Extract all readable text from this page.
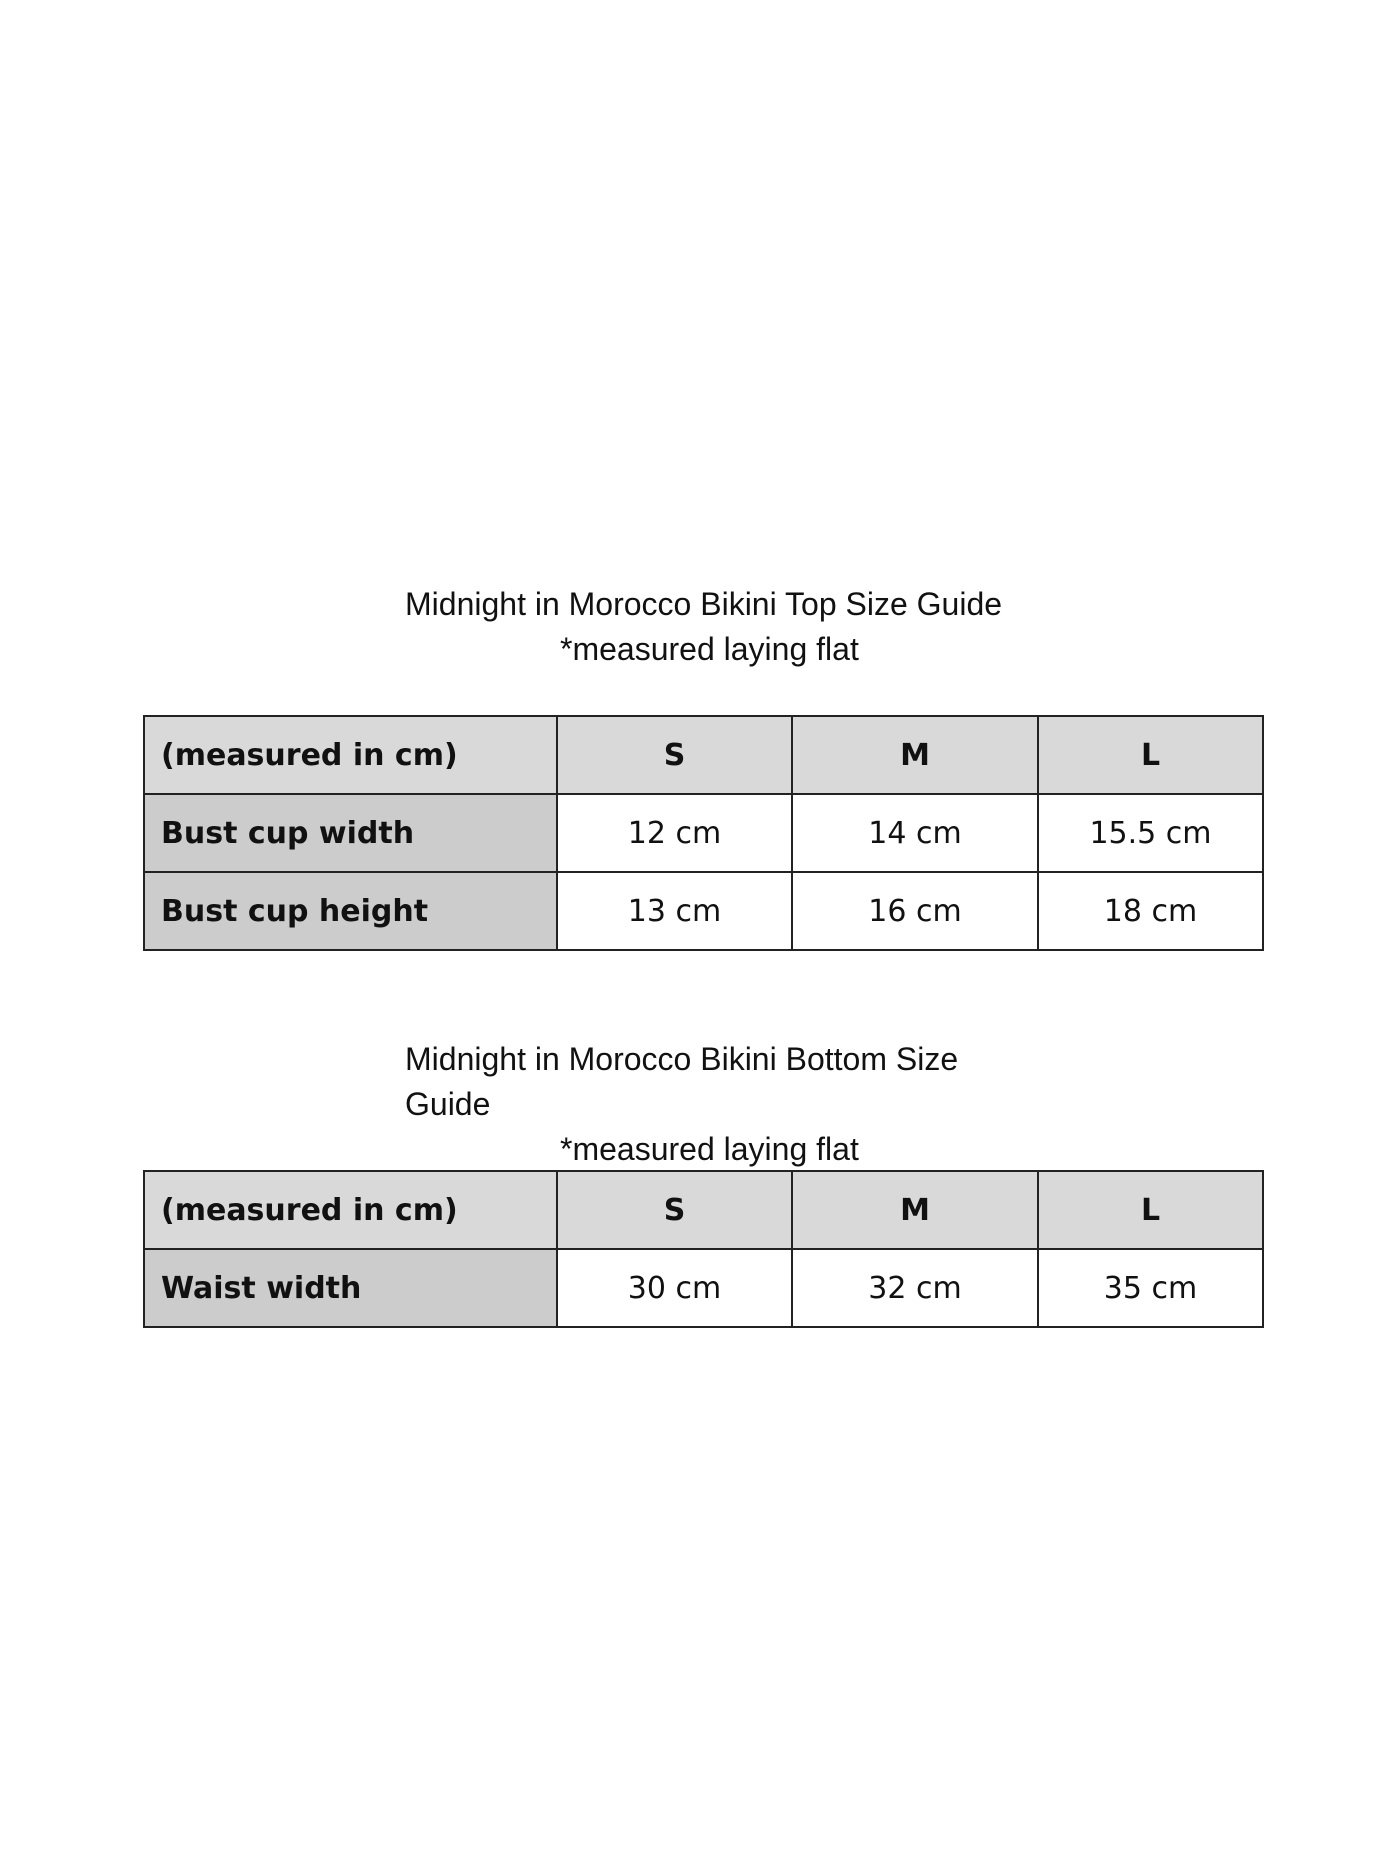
Midnight in Morocco Bikini Top Size Guide
*measured laying flat
(measured in cm)	S	M	L
Bust cup width	12 cm	14 cm	15.5 cm
Bust cup height	13 cm	16 cm	18 cm
Midnight in Morocco Bikini Bottom Size Guide
*measured laying flat
(measured in cm)	S	M	L
Waist width	30 cm	32 cm	35 cm
